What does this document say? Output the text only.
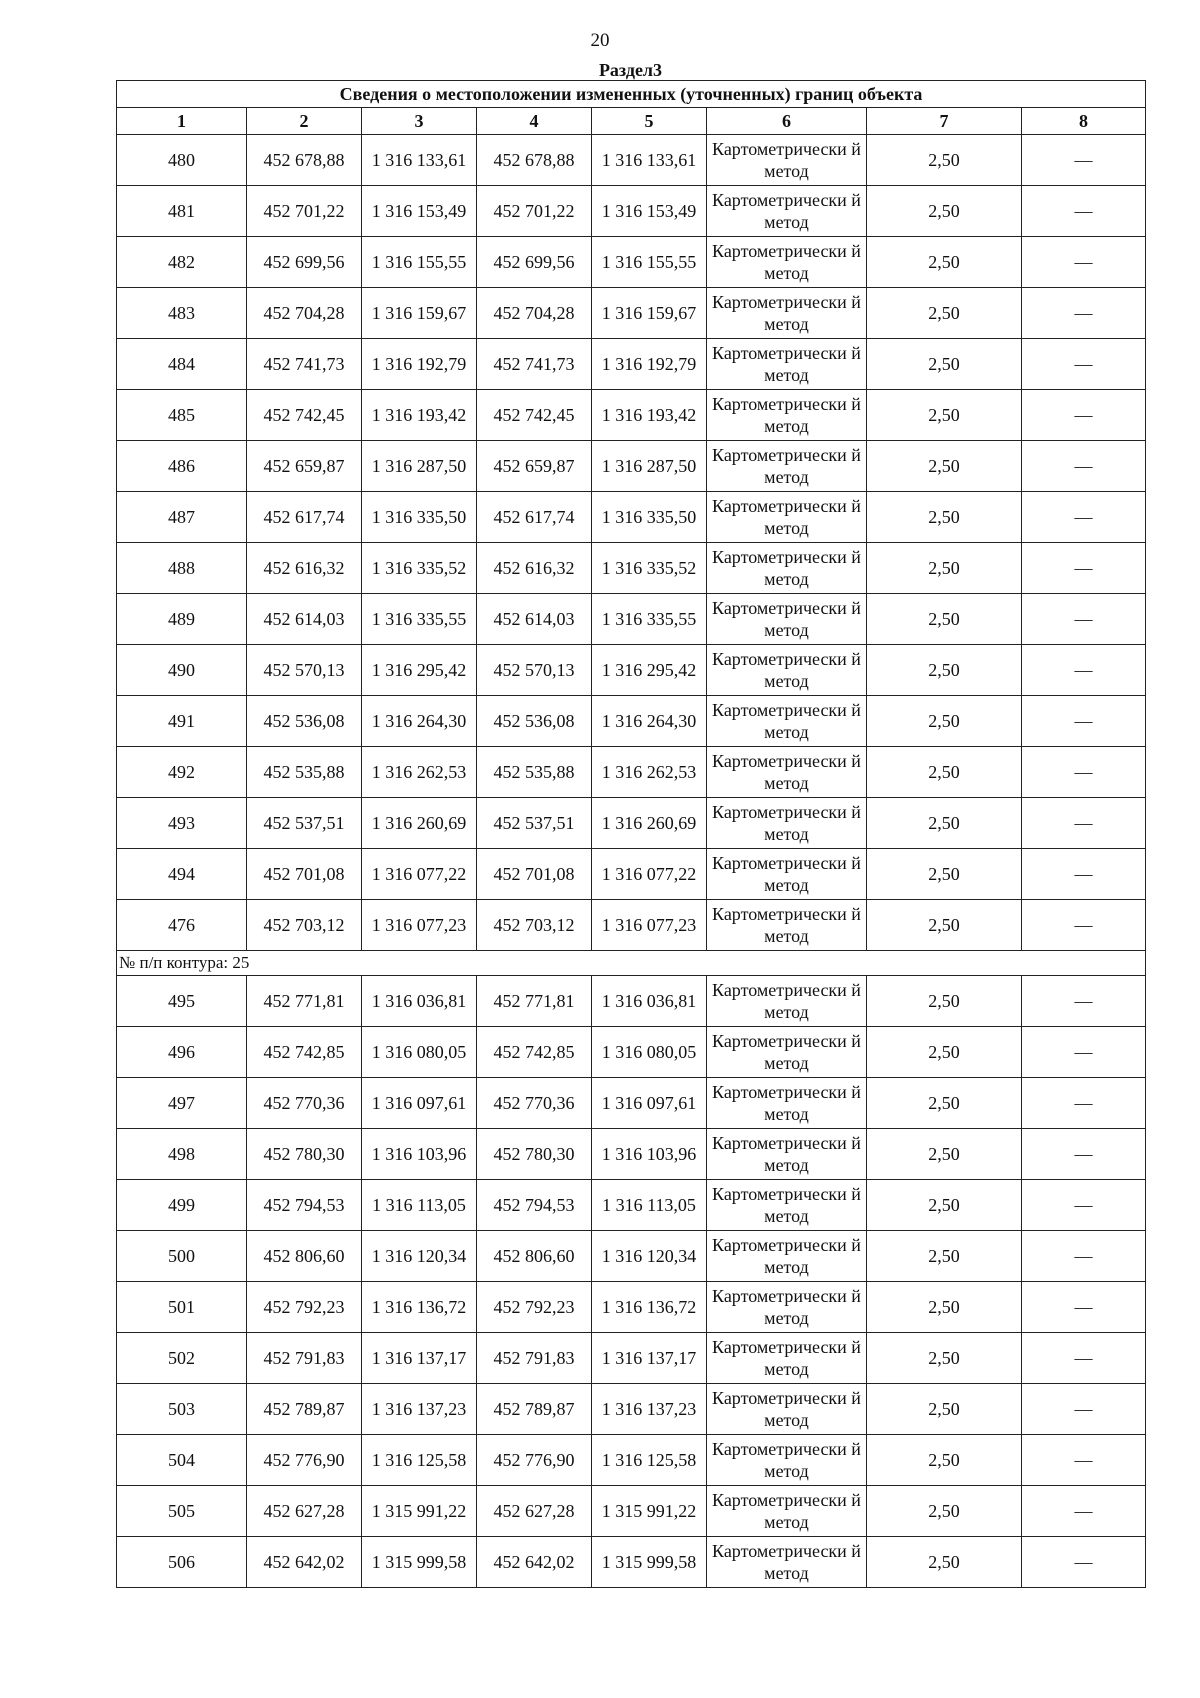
20
Раздел3
Сведения о местоположении измененных (уточненных) границ объекта							
1	2	3	4	5	6	7	8
480	452 678,88	1 316 133,61	452 678,88	1 316 133,61	Картометрически й метод	2,50	—
481	452 701,22	1 316 153,49	452 701,22	1 316 153,49	Картометрически й метод	2,50	—
482	452 699,56	1 316 155,55	452 699,56	1 316 155,55	Картометрически й метод	2,50	—
483	452 704,28	1 316 159,67	452 704,28	1 316 159,67	Картометрически й метод	2,50	—
484	452 741,73	1 316 192,79	452 741,73	1 316 192,79	Картометрически й метод	2,50	—
485	452 742,45	1 316 193,42	452 742,45	1 316 193,42	Картометрически й метод	2,50	—
486	452 659,87	1 316 287,50	452 659,87	1 316 287,50	Картометрически й метод	2,50	—
487	452 617,74	1 316 335,50	452 617,74	1 316 335,50	Картометрически й метод	2,50	—
488	452 616,32	1 316 335,52	452 616,32	1 316 335,52	Картометрически й метод	2,50	—
489	452 614,03	1 316 335,55	452 614,03	1 316 335,55	Картометрически й метод	2,50	—
490	452 570,13	1 316 295,42	452 570,13	1 316 295,42	Картометрически й метод	2,50	—
491	452 536,08	1 316 264,30	452 536,08	1 316 264,30	Картометрически й метод	2,50	—
492	452 535,88	1 316 262,53	452 535,88	1 316 262,53	Картометрически й метод	2,50	—
493	452 537,51	1 316 260,69	452 537,51	1 316 260,69	Картометрически й метод	2,50	—
494	452 701,08	1 316 077,22	452 701,08	1 316 077,22	Картометрически й метод	2,50	—
476	452 703,12	1 316 077,23	452 703,12	1 316 077,23	Картометрически й метод	2,50	—
№ п/п контура: 25							
495	452 771,81	1 316 036,81	452 771,81	1 316 036,81	Картометрически й метод	2,50	—
496	452 742,85	1 316 080,05	452 742,85	1 316 080,05	Картометрически й метод	2,50	—
497	452 770,36	1 316 097,61	452 770,36	1 316 097,61	Картометрически й метод	2,50	—
498	452 780,30	1 316 103,96	452 780,30	1 316 103,96	Картометрически й метод	2,50	—
499	452 794,53	1 316 113,05	452 794,53	1 316 113,05	Картометрически й метод	2,50	—
500	452 806,60	1 316 120,34	452 806,60	1 316 120,34	Картометрически й метод	2,50	—
501	452 792,23	1 316 136,72	452 792,23	1 316 136,72	Картометрически й метод	2,50	—
502	452 791,83	1 316 137,17	452 791,83	1 316 137,17	Картометрически й метод	2,50	—
503	452 789,87	1 316 137,23	452 789,87	1 316 137,23	Картометрически й метод	2,50	—
504	452 776,90	1 316 125,58	452 776,90	1 316 125,58	Картометрически й метод	2,50	—
505	452 627,28	1 315 991,22	452 627,28	1 315 991,22	Картометрически й метод	2,50	—
506	452 642,02	1 315 999,58	452 642,02	1 315 999,58	Картометрически й метод	2,50	—
